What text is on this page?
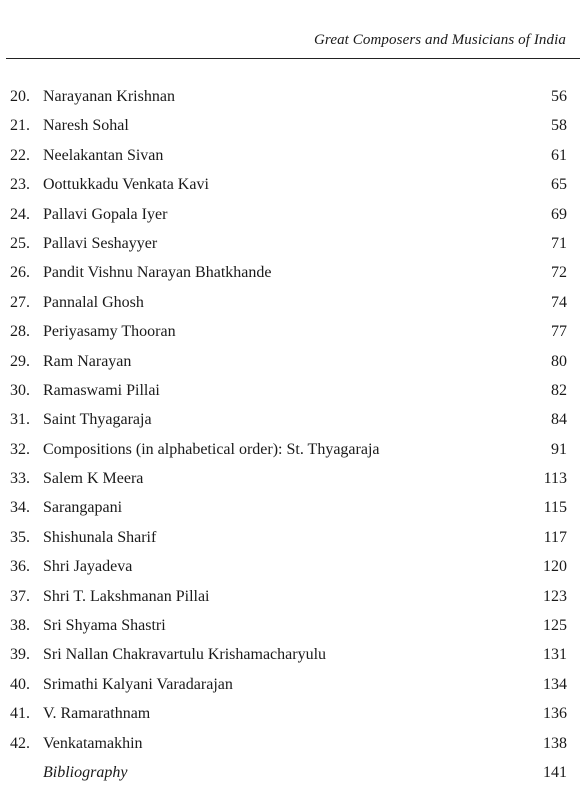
Great Composers and Musicians of India
20. Narayanan Krishnan	56
21. Naresh Sohal	58
22. Neelakantan Sivan	61
23. Oottukkadu Venkata Kavi	65
24. Pallavi Gopala Iyer	69
25. Pallavi Seshayyer	71
26. Pandit Vishnu Narayan Bhatkhande	72
27. Pannalal Ghosh	74
28. Periyasamy Thooran	77
29. Ram Narayan	80
30. Ramaswami Pillai	82
31. Saint Thyagaraja	84
32. Compositions (in alphabetical order): St. Thyagaraja	91
33. Salem K Meera	113
34. Sarangapani	115
35. Shishunala Sharif	117
36. Shri Jayadeva	120
37. Shri T. Lakshmanan Pillai	123
38. Sri Shyama Shastri	125
39. Sri Nallan Chakravartulu Krishamacharyulu	131
40. Srimathi Kalyani Varadarajan	134
41. V. Ramarathnam	136
42. Venkatamakhin	138
Bibliography	141
